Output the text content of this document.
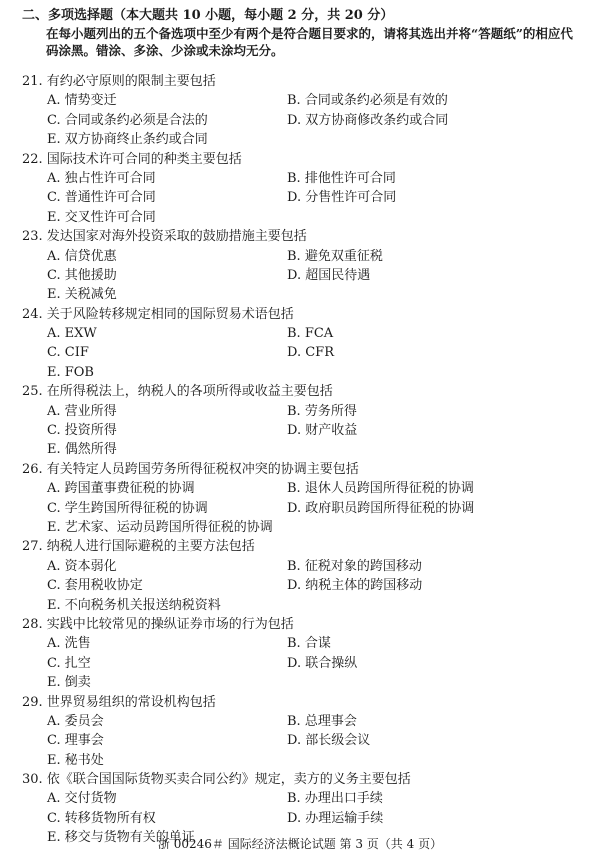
二、多项选择题（本大题共 10 小题，每小题 2 分，共 20 分）
在每小题列出的五个备选项中至少有两个是符合题目要求的，请将其选出并将“答题纸”的相应代码涂黑。错涂、多涂、少涂或未涂均无分。
21. 有约必守原则的限制主要包括
A. 情势变迁	B. 合同或条约必须是有效的
C. 合同或条约必须是合法的	D. 双方协商修改条约或合同
E. 双方协商终止条约或合同
22. 国际技术许可合同的种类主要包括
A. 独占性许可合同	B. 排他性许可合同
C. 普通性许可合同	D. 分售性许可合同
E. 交叉性许可合同
23. 发达国家对海外投资采取的鼓励措施主要包括
A. 信贷优惠	B. 避免双重征税
C. 其他援助	D. 超国民待遇
E. 关税减免
24. 关于风险转移规定相同的国际贸易术语包括
A. EXW	B. FCA
C. CIF	D. CFR
E. FOB
25. 在所得税法上，纳税人的各项所得或收益主要包括
A. 营业所得	B. 劳务所得
C. 投资所得	D. 财产收益
E. 偶然所得
26. 有关特定人员跨国劳务所得征税权冲突的协调主要包括
A. 跨国董事费征税的协调	B. 退休人员跨国所得征税的协调
C. 学生跨国所得征税的协调	D. 政府职员跨国所得征税的协调
E. 艺术家、运动员跨国所得征税的协调
27. 纳税人进行国际避税的主要方法包括
A. 资本弱化	B. 征税对象的跨国移动
C. 套用税收协定	D. 纳税主体的跨国移动
E. 不向税务机关报送纳税资料
28. 实践中比较常见的操纵证券市场的行为包括
A. 洗售	B. 合谋
C. 扎空	D. 联合操纵
E. 倒卖
29. 世界贸易组织的常设机构包括
A. 委员会	B. 总理事会
C. 理事会	D. 部长级会议
E. 秘书处
30. 依《联合国国际货物买卖合同公约》规定，卖方的义务主要包括
A. 交付货物	B. 办理出口手续
C. 转移货物所有权	D. 办理运输手续
E. 移交与货物有关的单证
浙 00246＃ 国际经济法概论试题 第 3 页（共 4 页）
